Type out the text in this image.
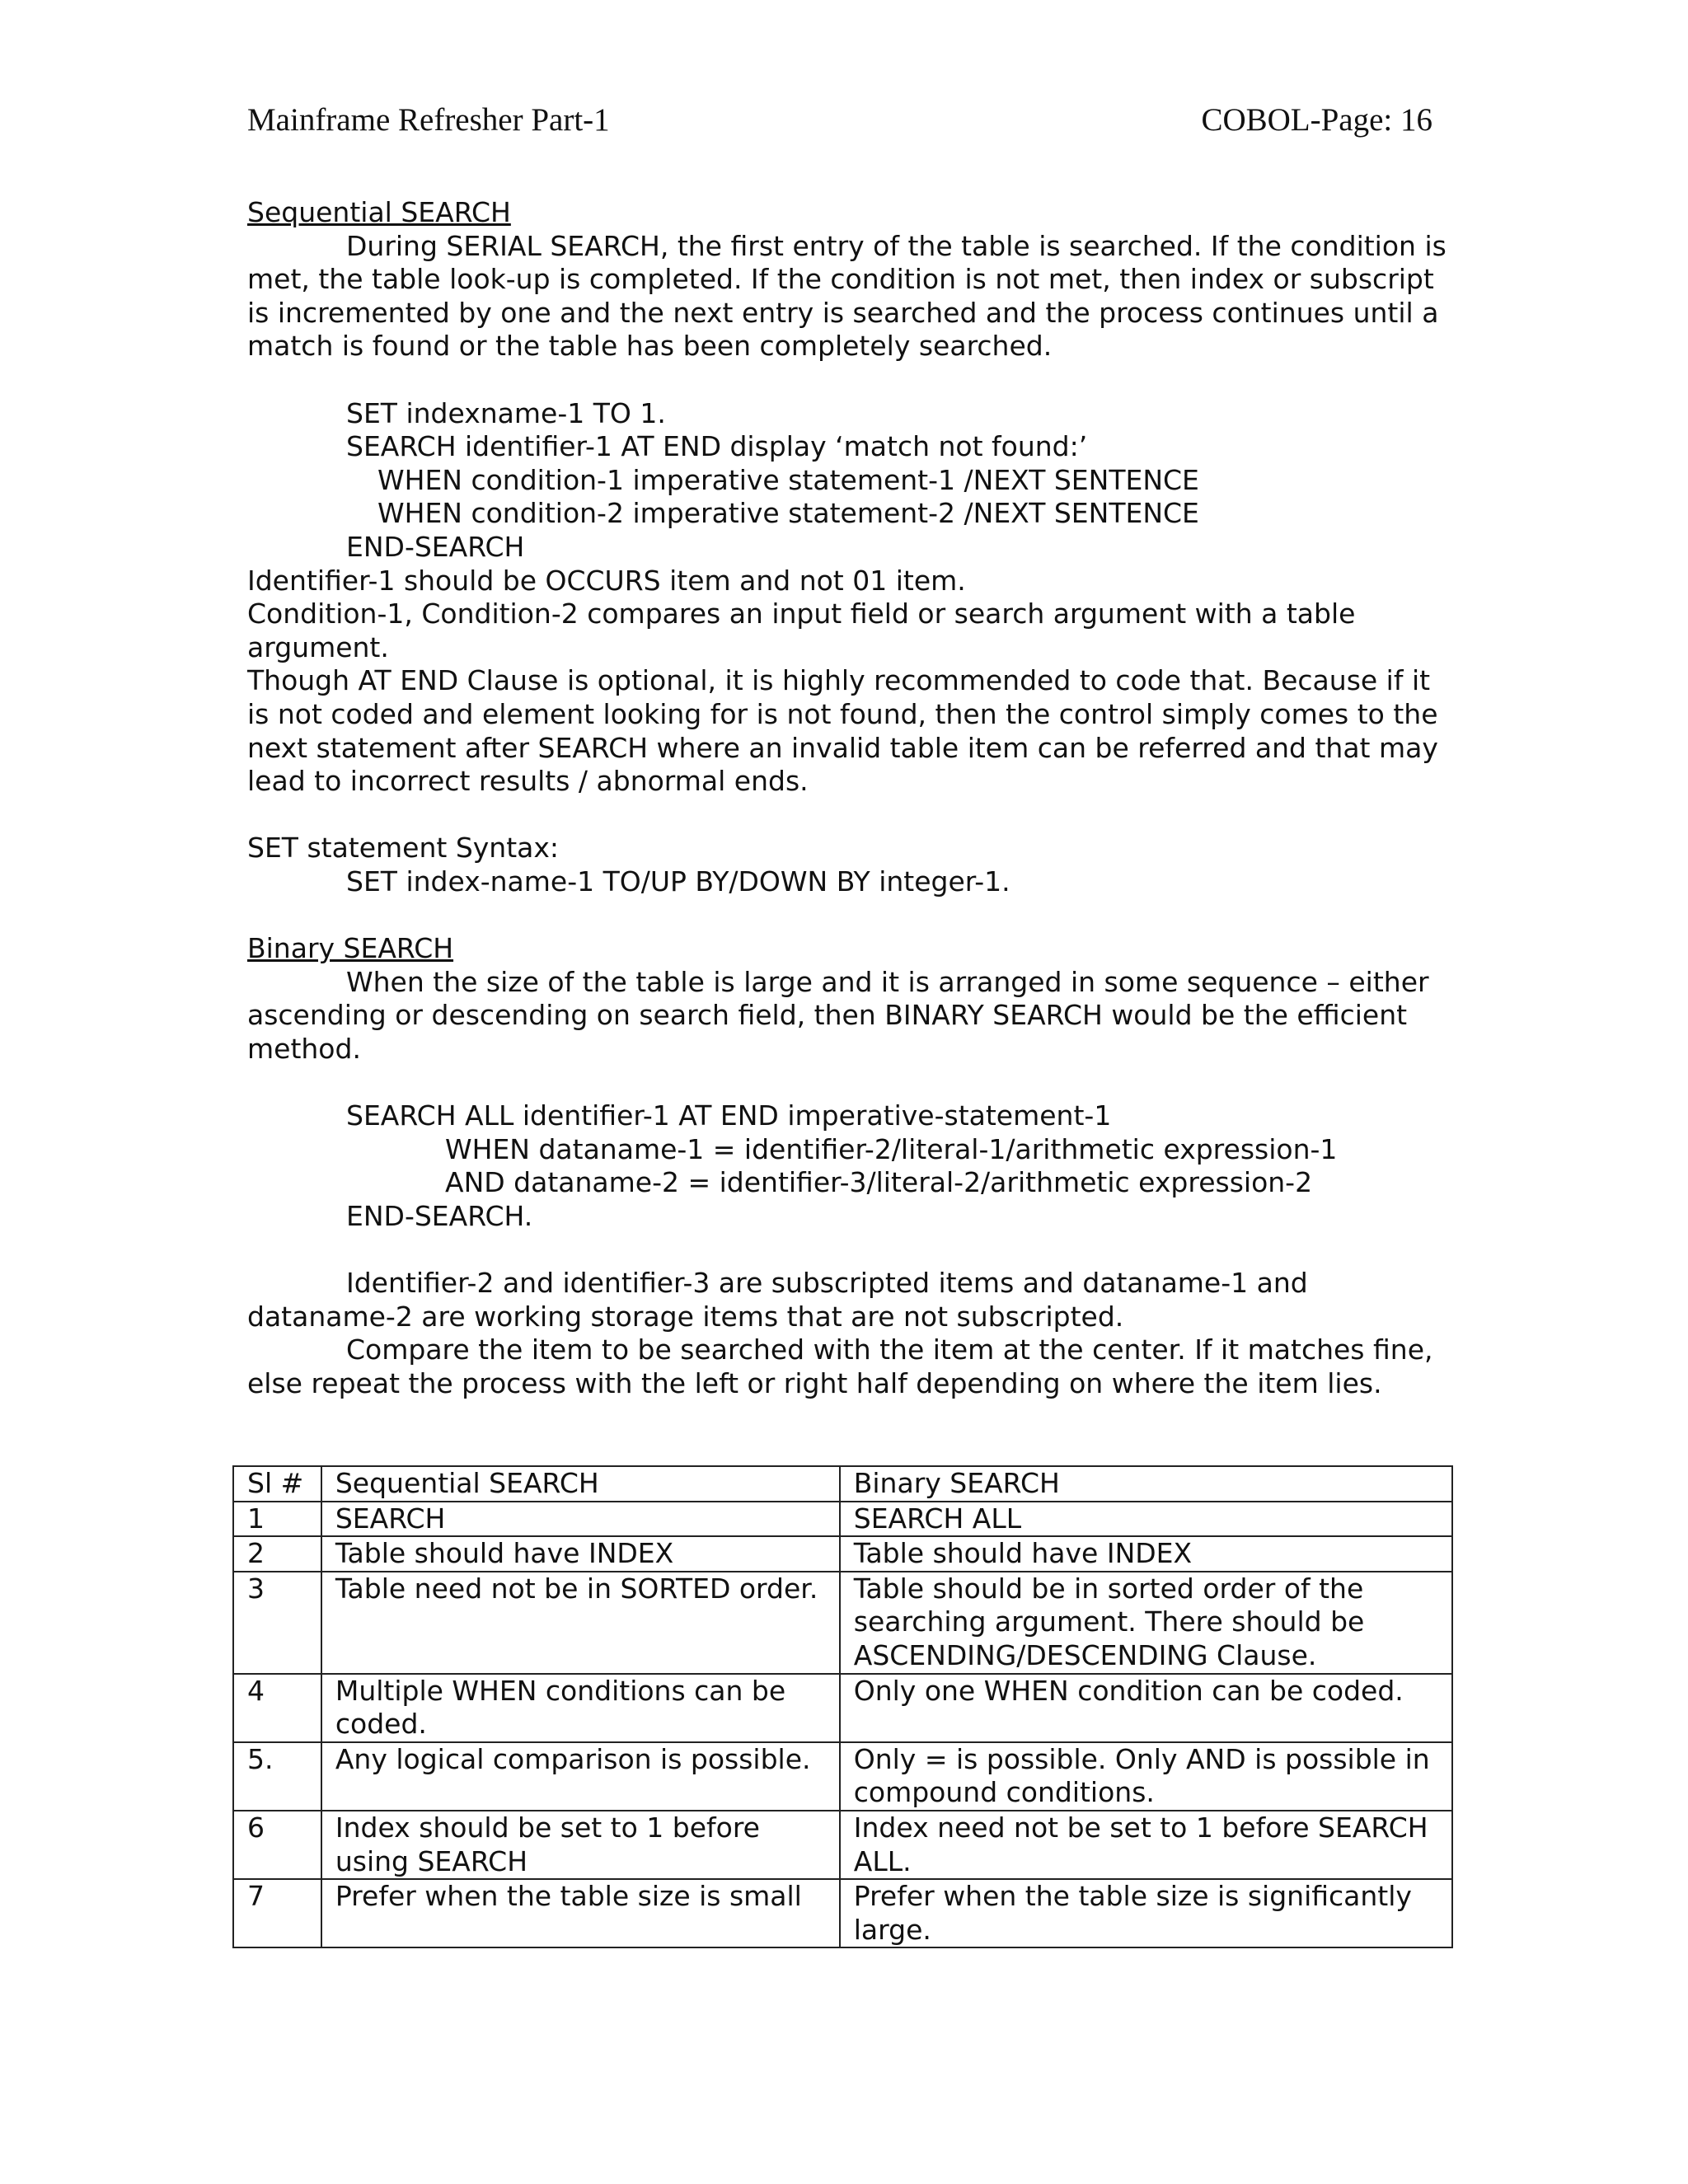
Mainframe Refresher Part-1	COBOL-Page: 16

Sequential SEARCH

During SERIAL SEARCH, the first entry of the table is searched. If the condition is met, the table look-up is completed. If the condition is not met, then index or subscript is incremented by one and the next entry is searched and the process continues until a match is found or the table has been completely searched.

SET indexname-1 TO 1.

SEARCH identifier-1 AT END display ‘match not found:’

WHEN condition-1 imperative statement-1 /NEXT SENTENCE

WHEN condition-2 imperative statement-2 /NEXT SENTENCE

END-SEARCH

Identifier-1 should be OCCURS item and not 01 item.

Condition-1, Condition-2 compares an input field or search argument with a table argument.

Though AT END Clause is optional, it is highly recommended to code that. Because if it is not coded and element looking for is not found, then the control simply comes to the next statement after SEARCH where an invalid table item can be referred and that may lead to incorrect results / abnormal ends.

SET statement Syntax:

SET index-name-1 TO/UP BY/DOWN BY integer-1.

Binary SEARCH

When the size of the table is large and it is arranged in some sequence – either ascending or descending on search field, then BINARY SEARCH would be the efficient method.

SEARCH ALL identifier-1 AT END imperative-statement-1

WHEN dataname-1 = identifier-2/literal-1/arithmetic expression-1

AND dataname-2 = identifier-3/literal-2/arithmetic expression-2

END-SEARCH.

Identifier-2 and identifier-3 are subscripted items and dataname-1 and dataname-2 are working storage items that are not subscripted.

Compare the item to be searched with the item at the center. If it matches fine, else repeat the process with the left or right half depending on where the item lies.

Sl #	Sequential SEARCH	Binary SEARCH
1	SEARCH	SEARCH ALL
2	Table should have INDEX	Table should have INDEX
3	Table need not be in SORTED order.	Table should be in sorted order of the searching argument. There should be ASCENDING/DESCENDING Clause.
4	Multiple WHEN conditions can be coded.	Only one WHEN condition can be coded.
5.	Any logical comparison is possible.	Only = is possible. Only AND is possible in compound conditions.
6	Index should be set to 1 before using SEARCH	Index need not be set to 1 before SEARCH ALL.
7	Prefer when the table size is small	Prefer when the table size is significantly large.
